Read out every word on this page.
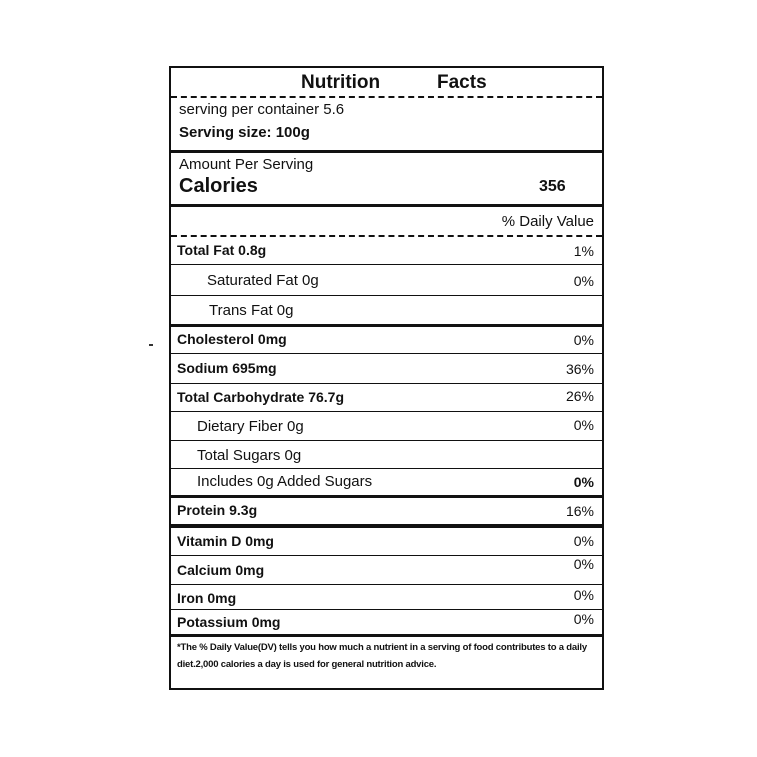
Nutrition	Facts
serving per container 5.6
Serving size: 100g
Amount Per Serving
Calories	356
% Daily Value
Total Fat 0.8g	1%
Saturated Fat 0g	0%
Trans Fat 0g
Cholesterol 0mg	0%
Sodium 695mg	36%
Total Carbohydrate 76.7g	26%
Dietary Fiber 0g	0%
Total Sugars 0g
Includes 0g Added Sugars	0%
Protein 9.3g	16%
Vitamin D 0mg	0%
Calcium 0mg	0%
Iron 0mg	0%
Potassium 0mg	0%
*The % Daily Value(DV) tells you how much a nutrient in a serving of food contributes to a daily diet.2,000 calories a day is used for general nutrition advice.
